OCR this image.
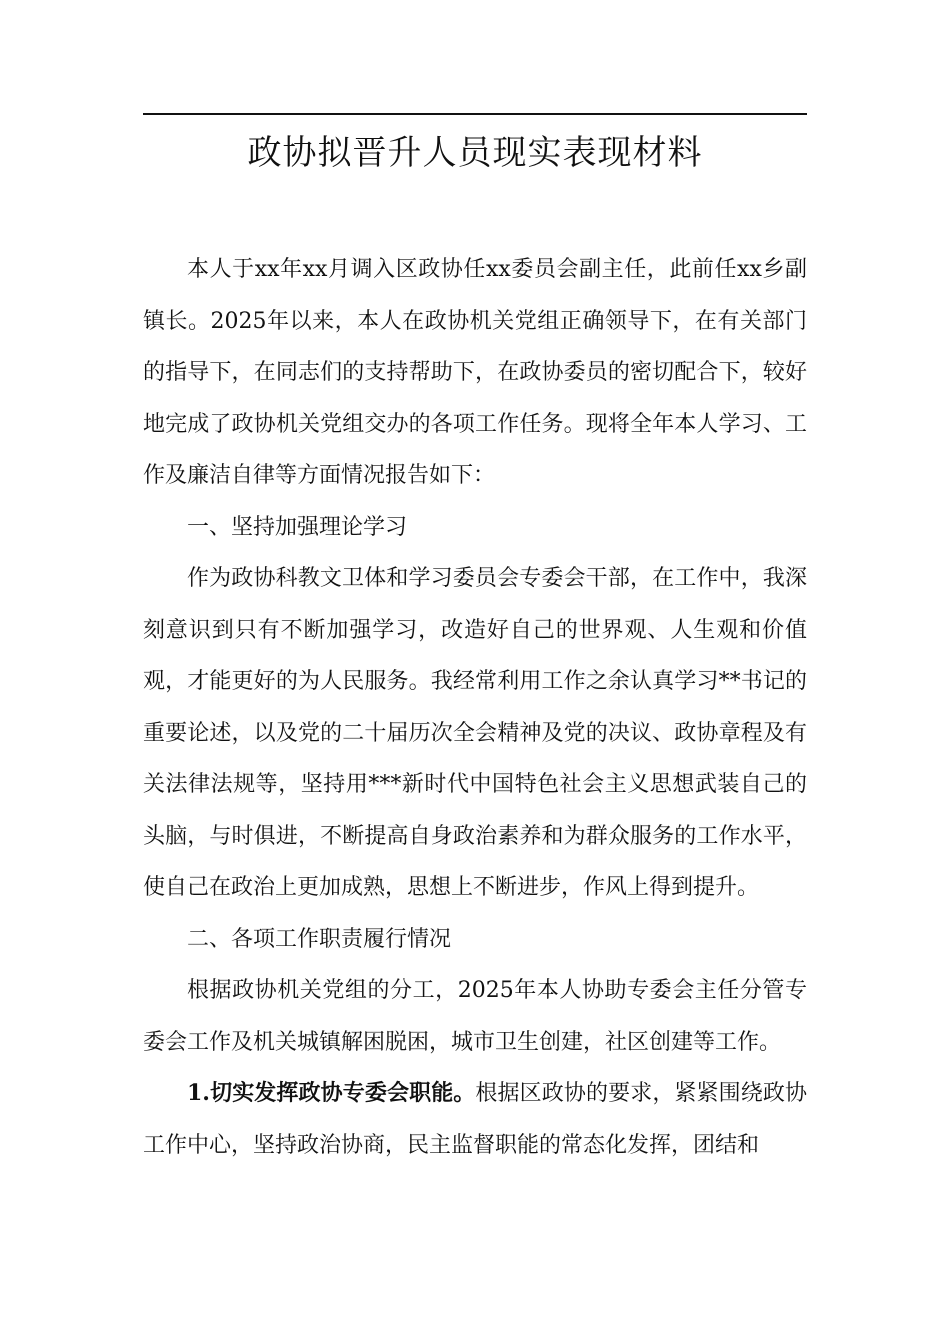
政协拟晋升人员现实表现材料

本人于xx年xx月调入区政协任xx委员会副主任，此前任xx乡副镇长。2025年以来，本人在政协机关党组正确领导下，在有关部门的指导下，在同志们的支持帮助下，在政协委员的密切配合下，较好地完成了政协机关党组交办的各项工作任务。现将全年本人学习、工作及廉洁自律等方面情况报告如下：

一、坚持加强理论学习

作为政协科教文卫体和学习委员会专委会干部，在工作中，我深刻意识到只有不断加强学习，改造好自己的世界观、人生观和价值观，才能更好的为人民服务。我经常利用工作之余认真学习**书记的重要论述，以及党的二十届历次全会精神及党的决议、政协章程及有关法律法规等，坚持用***新时代中国特色社会主义思想武装自己的头脑，与时俱进，不断提高自身政治素养和为群众服务的工作水平，使自己在政治上更加成熟，思想上不断进步，作风上得到提升。

二、各项工作职责履行情况

根据政协机关党组的分工，2025年本人协助专委会主任分管专委会工作及机关城镇解困脱困，城市卫生创建，社区创建等工作。

1.切实发挥政协专委会职能。根据区政协的要求，紧紧围绕政协工作中心，坚持政治协商，民主监督职能的常态化发挥，团结和
